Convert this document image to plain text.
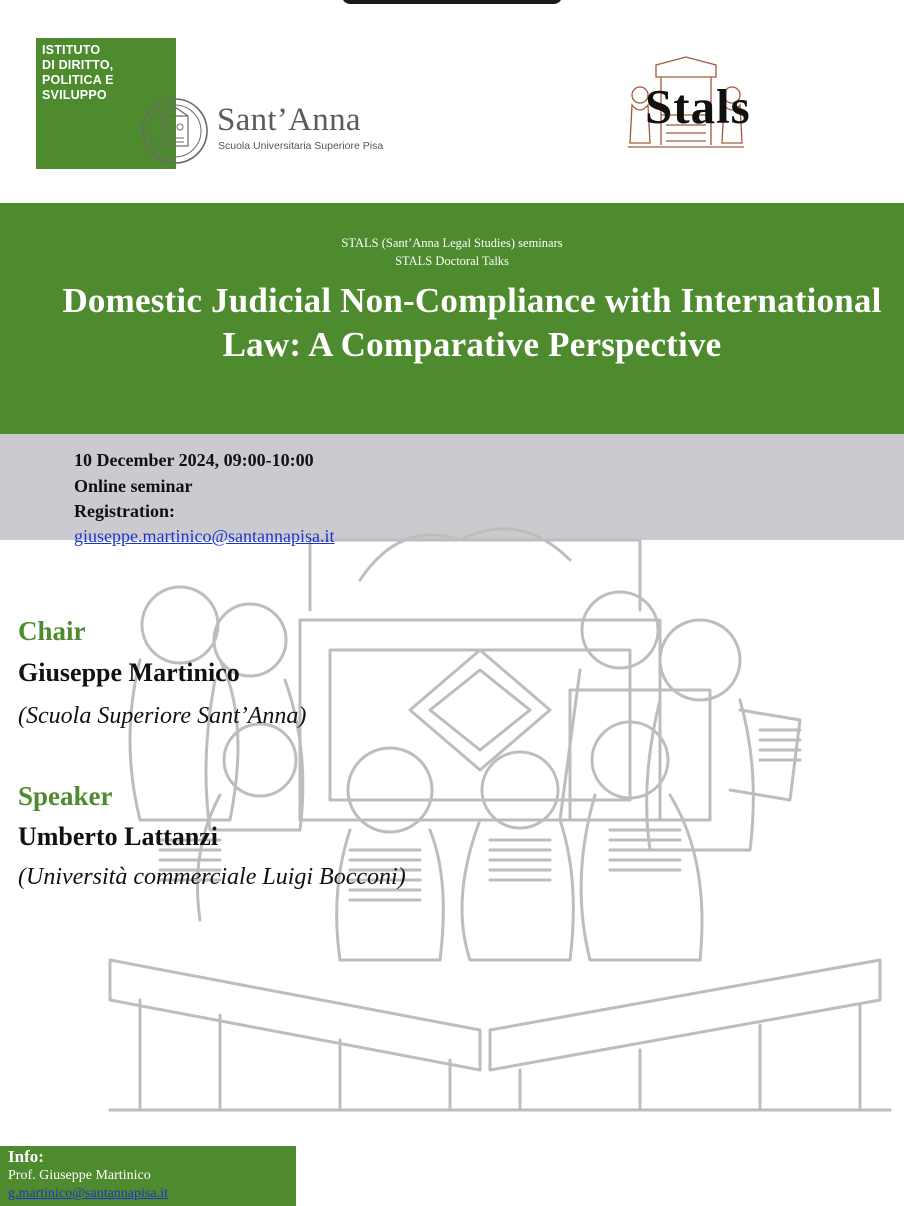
ISTITUTO
DI DIRITTO,
POLITICA E
SVILUPPO
Sant’Anna
Scuola Universitaria Superiore Pisa
Stals
STALS (Sant’Anna Legal Studies) seminars
STALS Doctoral Talks
Domestic Judicial Non-Compliance with International Law: A Comparative Perspective
10 December 2024, 09:00-10:00
Online seminar
Registration:
giuseppe.martinico@santannapisa.it
Chair
Giuseppe Martinico
(Scuola Superiore Sant’Anna)
Speaker
Umberto Lattanzi
(Università commerciale Luigi Bocconi)
Info:
Prof. Giuseppe Martinico
g.martinico@santannapisa.it
